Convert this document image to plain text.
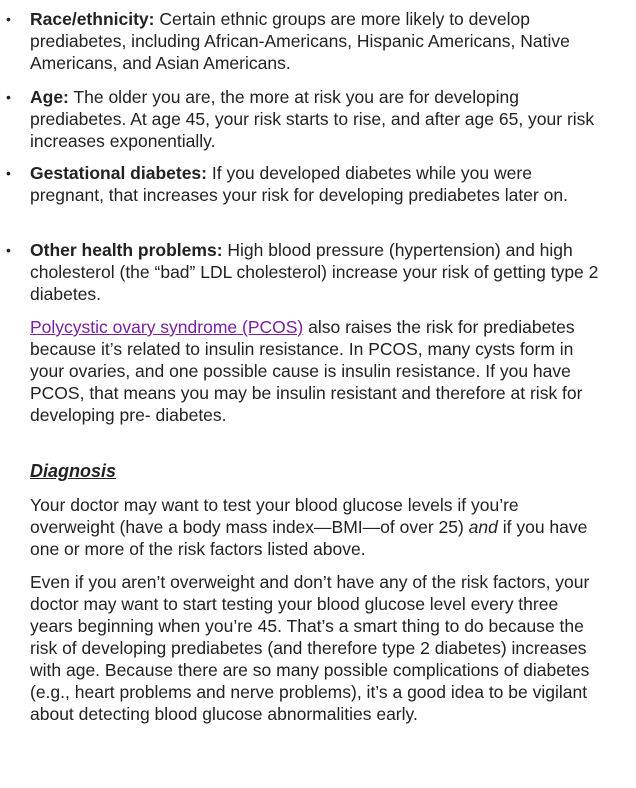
• Race/ethnicity: Certain ethnic groups are more likely to develop prediabetes, including African-Americans, Hispanic Americans, Native Americans, and Asian Americans.
• Age: The older you are, the more at risk you are for developing prediabetes. At age 45, your risk starts to rise, and after age 65, your risk increases exponentially.
• Gestational diabetes: If you developed diabetes while you were pregnant, that increases your risk for developing prediabetes later on.
• Other health problems: High blood pressure (hypertension) and high cholesterol (the “bad” LDL cholesterol) increase your risk of getting type 2 diabetes.
Polycystic ovary syndrome (PCOS) also raises the risk for prediabetes because it’s related to insulin resistance. In PCOS, many cysts form in your ovaries, and one possible cause is insulin resistance. If you have PCOS, that means you may be insulin resistant and therefore at risk for developing pre- diabetes.
Diagnosis
Your doctor may want to test your blood glucose levels if you’re overweight (have a body mass index—BMI—of over 25) and if you have one or more of the risk factors listed above.
Even if you aren’t overweight and don’t have any of the risk factors, your doctor may want to start testing your blood glucose level every three years beginning when you’re 45. That’s a smart thing to do because the risk of developing prediabetes (and therefore type 2 diabetes) increases with age. Because there are so many possible complications of diabetes (e.g., heart problems and nerve problems), it’s a good idea to be vigilant about detecting blood glucose abnormalities early.
